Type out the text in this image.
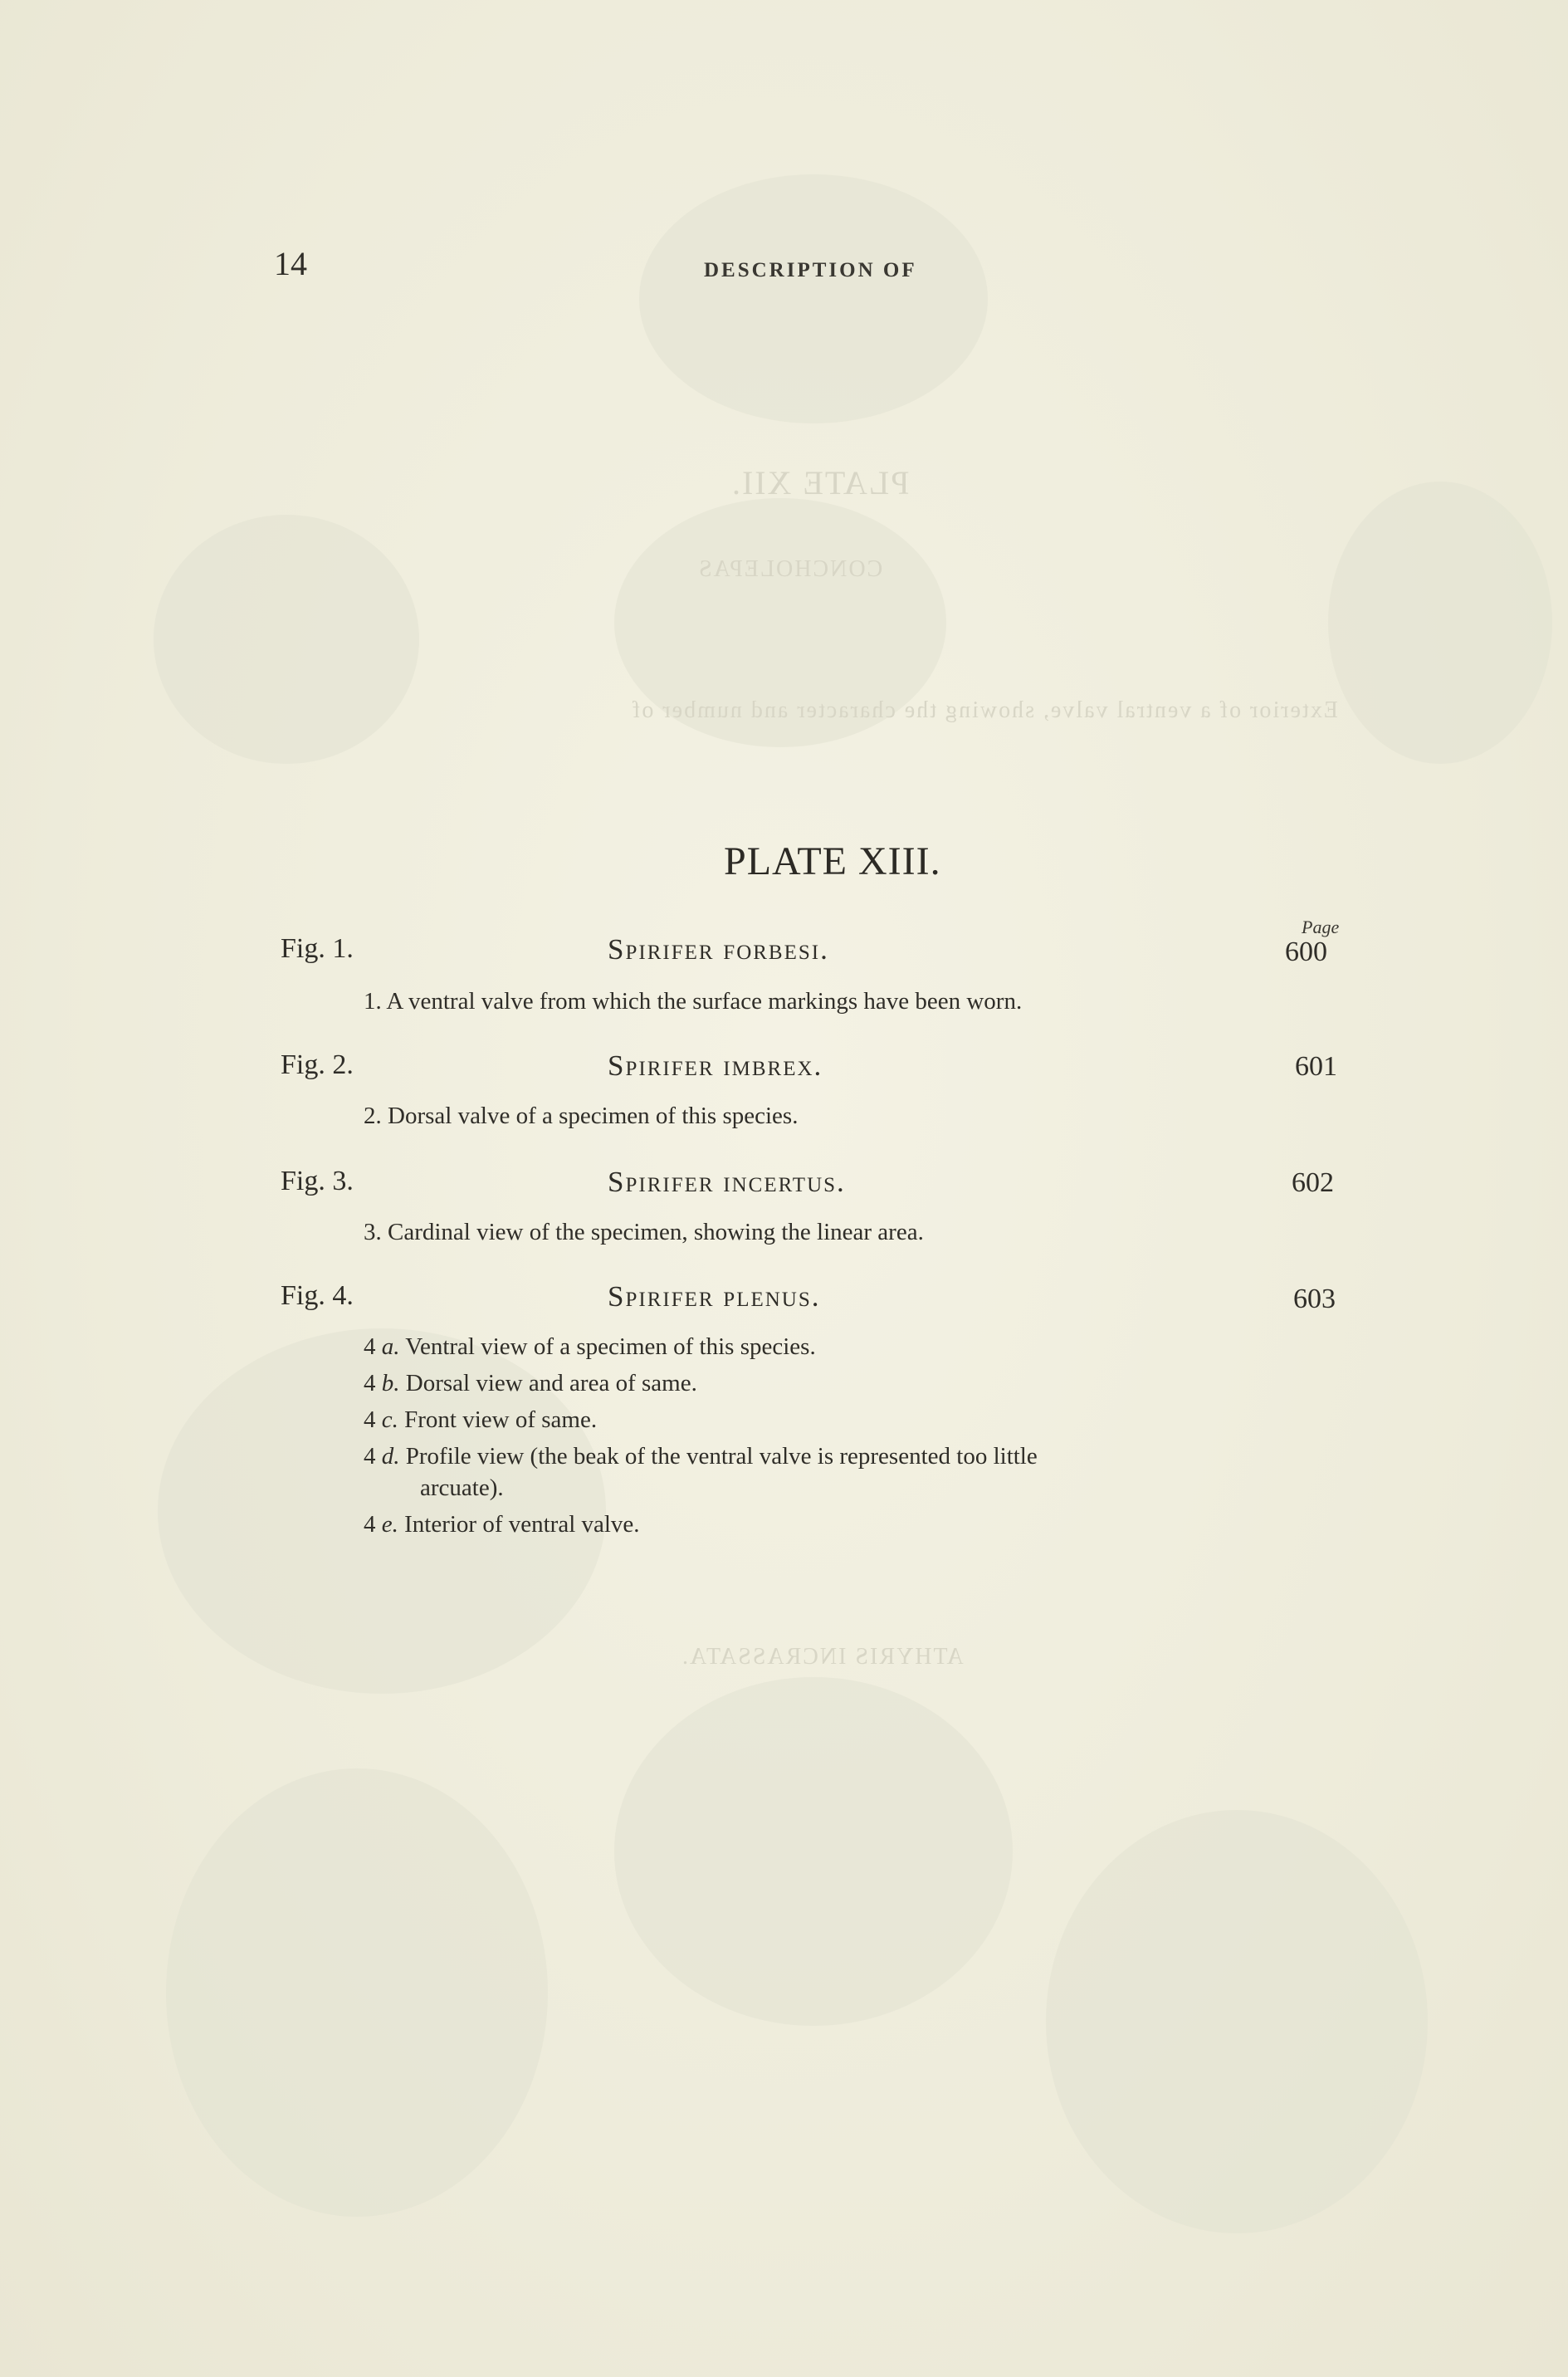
PLATE XII.
CONCHOLEPAS
Exterior of a ventral valve, showing the character and number of
ATHYRIS INCRASSATA.
14	DESCRIPTION OF
PLATE XIII.
Page
Fig. 1.	Spirifer forbesi.	600
1. A ventral valve from which the surface markings have been worn.
Fig. 2.	Spirifer imbrex.	601
2. Dorsal valve of a specimen of this species.
Fig. 3.	Spirifer incertus.	602
3. Cardinal view of the specimen, showing the linear area.
Fig. 4.	Spirifer plenus.	603
4 a. Ventral view of a specimen of this species.
4 b. Dorsal view and area of same.
4 c. Front view of same.
4 d. Profile view (the beak of the ventral valve is represented too little
arcuate).
4 e. Interior of ventral valve.
